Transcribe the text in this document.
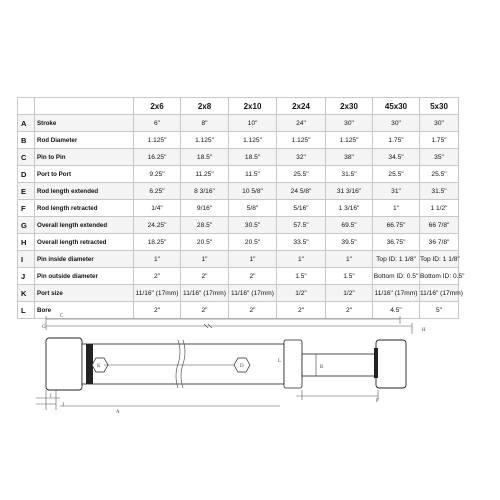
		2x6	2x8	2x10	2x24	2x30	45x30	5x30
A	Stroke	6"	8"	10"	24"	30"	30"	30"
B	Rod Diameter	1.125"	1.125"	1.125"	1.125"	1.125"	1.75"	1.75"
C	Pin to Pin	16.25"	18.5"	18.5"	32"	38"	34.5"	35"
D	Port to Port	9.25"	11.25"	11.5"	25.5"	31.5"	25.5"	25.5"
E	Rod length extended	6.25"	8 3/16"	10 5/8"	24 5/8"	31 3/16"	31"	31.5"
F	Rod length retracted	1/4"	9/16"	5/8"	5/16"	1 3/16"	1"	1 1/2"
G	Overall length extended	24.25"	28.5"	30.5"	57.5"	69.5"	66.75"	66 7/8"
H	Overall length retracted	18.25"	20.5"	20.5"	33.5"	39.5"	36.75"	36 7/8"
I	Pin inside diameter	1"	1"	1"	1"	1"	Top ID: 1 1/8"	Top ID: 1 1/8"
J	Pin outside diameter	2"	2"	2"	1.5"	1.5"	Bottom ID: 0.5"	Bottom ID: 0.5"
K	Port size	11/16" (17mm)	11/16" (17mm)	11/16" (17mm)	1/2"	1/2"	11/16" (17mm)	11/16" (17mm)
L	Bore	2"	2"	2"	2"	2"	4.5"	5"
C
G
H
K	D
L
B
F
I
J
A
